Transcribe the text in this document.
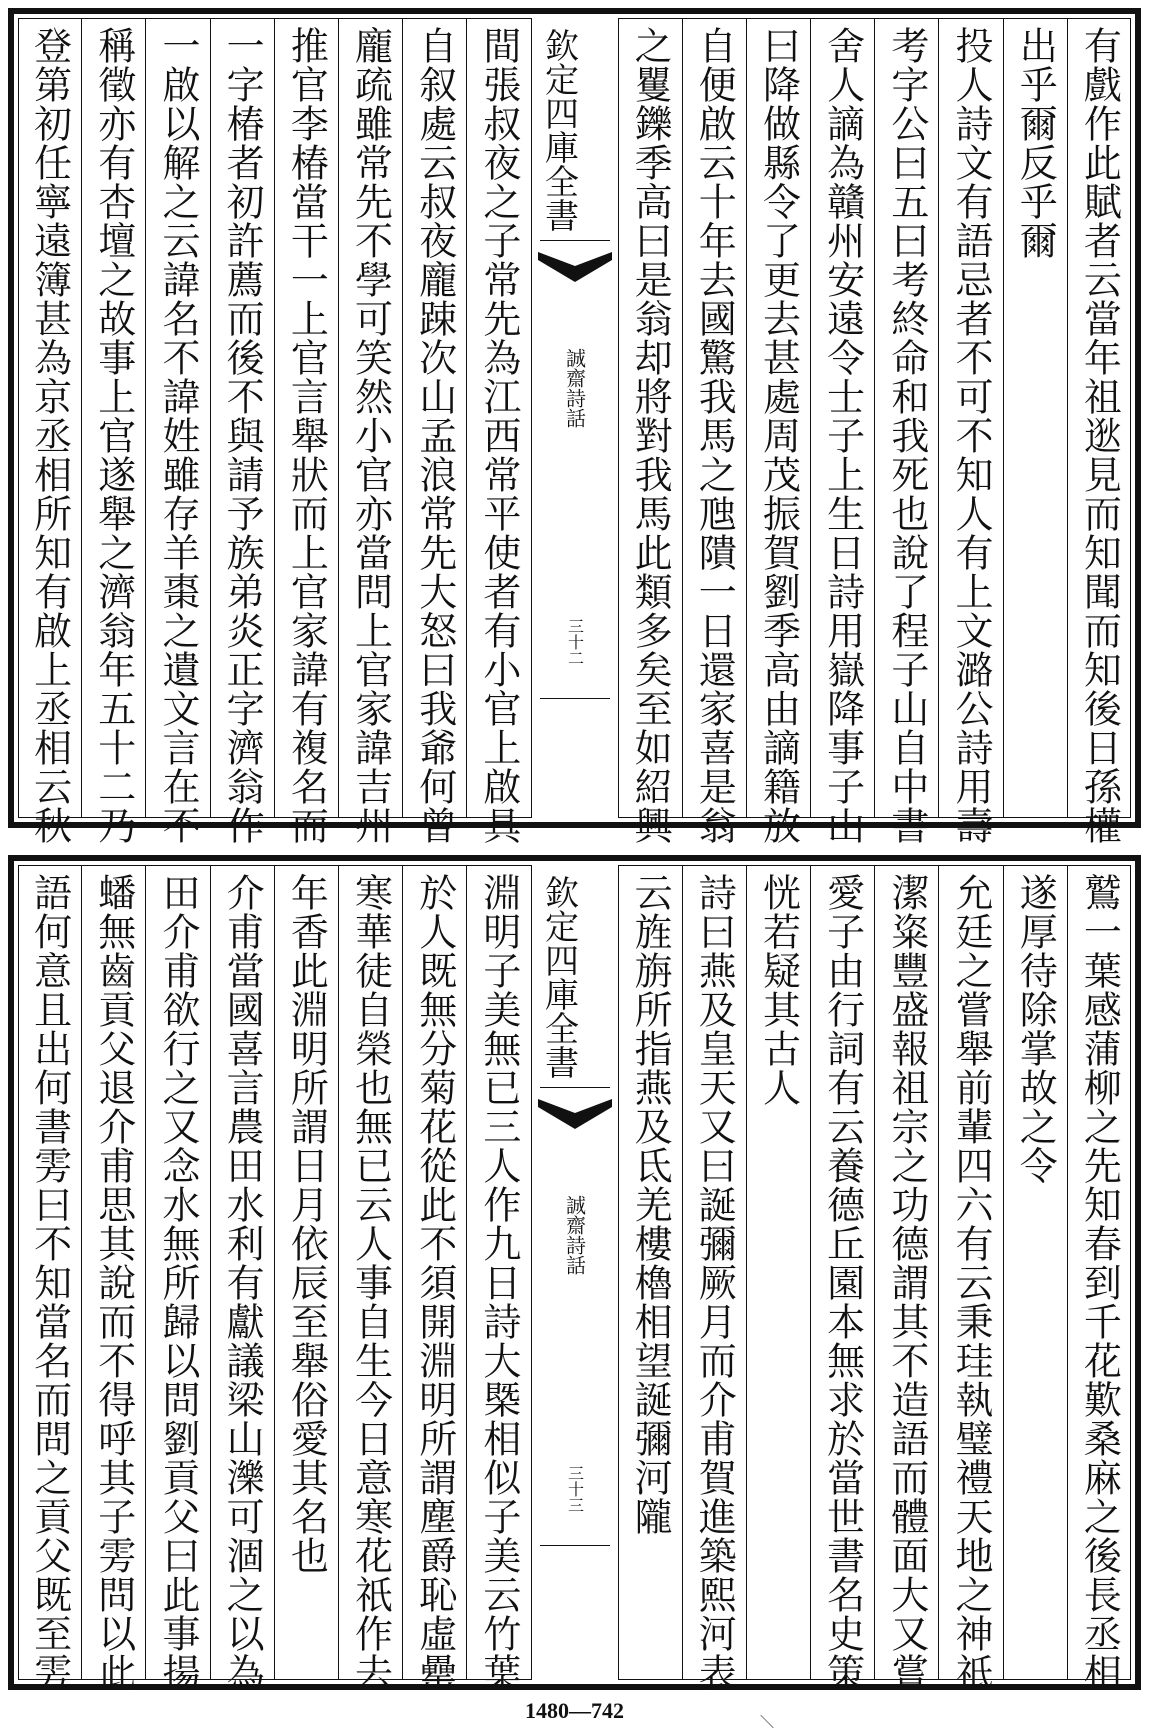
有戲作此賦者云當年祖逖見而知聞而知後日孫權
出乎爾反乎爾
投人詩文有語忌者不可不知人有上文潞公詩用壽
考字公曰五曰考終命和我死也說了程子山自中書
舍人謫為贛州安遠令士子上生日詩用嶽降事子山
曰降做縣令了更去甚處周茂振賀劉季高由謫籍放
自便啟云十年去國驚我馬之虺隤一日還家喜是翁
之矍鑠季高曰是翁却將對我馬此類多矣至如紹興
欽定四庫全書
誠齋詩話
三十二
間張叔夜之子常先為江西常平使者有小官上啟具
自叙處云叔夜龐踈次山孟浪常先大怒曰我爺何曾
龐疏雖常先不學可笑然小官亦當問上官家諱吉州
推官李椿當干一上官言舉狀而上官家諱有複名而
一字椿者初許薦而後不與請予族弟炎正字濟翁作
一啟以解之云諱名不諱姓雖存羊棗之遺文言在不
稱徵亦有杏壇之故事上官遂舉之濟翁年五十二乃
登第初任寧遠簿甚為京丞相所知有啟上丞相云秋
鷲一葉感蒲柳之先知春到千花歎桑麻之後長丞相
遂厚待除掌故之令
允廷之嘗舉前輩四六有云秉珪執璧禮天地之神祇
潔粢豐盛報祖宗之功德謂其不造語而體面大又嘗
愛子由行詞有云養德丘園本無求於當世書名史策
恍若疑其古人
詩曰燕及皇天又曰誕彌厥月而介甫賀進築熙河表
云旌旃所指燕及氐羌樓櫓相望誕彌河隴
欽定四庫全書
誠齋詩話
三十三
淵明子美無已三人作九日詩大槩相似子美云竹葉
於人既無分菊花從此不須開淵明所謂塵爵恥虛罍
寒華徒自榮也無已云人事自生今日意寒花祇作去
年香此淵明所謂日月依辰至舉俗愛其名也
介甫當國喜言農田水利有獻議梁山濼可涸之以為
田介甫欲行之又念水無所歸以問劉貢父曰此事揚
蟠無齒貢父退介甫思其說而不得呼其子雱問以此
語何意且出何書雱曰不知當名而問之貢父既至雱
1480—742	＼
